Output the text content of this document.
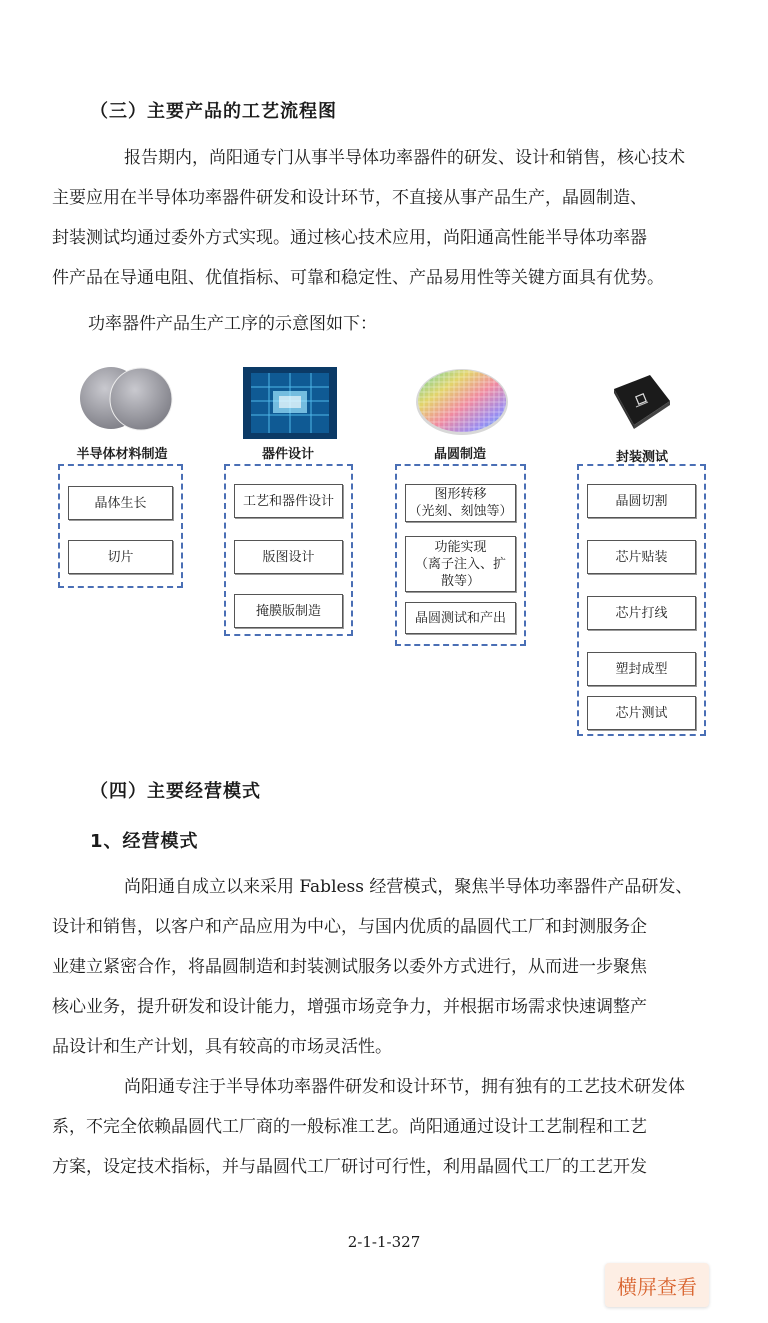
（三）主要产品的工艺流程图
报告期内，尚阳通专门从事半导体功率器件的研发、设计和销售，核心技术
主要应用在半导体功率器件研发和设计环节，不直接从事产品生产，晶圆制造、
封装测试均通过委外方式实现。通过核心技术应用，尚阳通高性能半导体功率器
件产品在导通电阻、优值指标、可靠和稳定性、产品易用性等关键方面具有优势。
功率器件产品生产工序的示意图如下：
半导体材料制造	器件设计	晶圆制造	封装测试
晶体生长
切片
工艺和器件设计
版图设计
掩膜版制造
图形转移
（光刻、刻蚀等）
功能实现
（离子注入、扩
散等）
晶圆测试和产出
晶圆切割
芯片贴装
芯片打线
塑封成型
芯片测试
（四）主要经营模式
1、经营模式
尚阳通自成立以来采用 Fabless 经营模式，聚焦半导体功率器件产品研发、
设计和销售，以客户和产品应用为中心，与国内优质的晶圆代工厂和封测服务企
业建立紧密合作，将晶圆制造和封装测试服务以委外方式进行，从而进一步聚焦
核心业务，提升研发和设计能力，增强市场竞争力，并根据市场需求快速调整产
品设计和生产计划，具有较高的市场灵活性。
尚阳通专注于半导体功率器件研发和设计环节，拥有独有的工艺技术研发体
系，不完全依赖晶圆代工厂商的一般标准工艺。尚阳通通过设计工艺制程和工艺
方案，设定技术指标，并与晶圆代工厂研讨可行性，利用晶圆代工厂的工艺开发
2-1-1-327
横屏查看
